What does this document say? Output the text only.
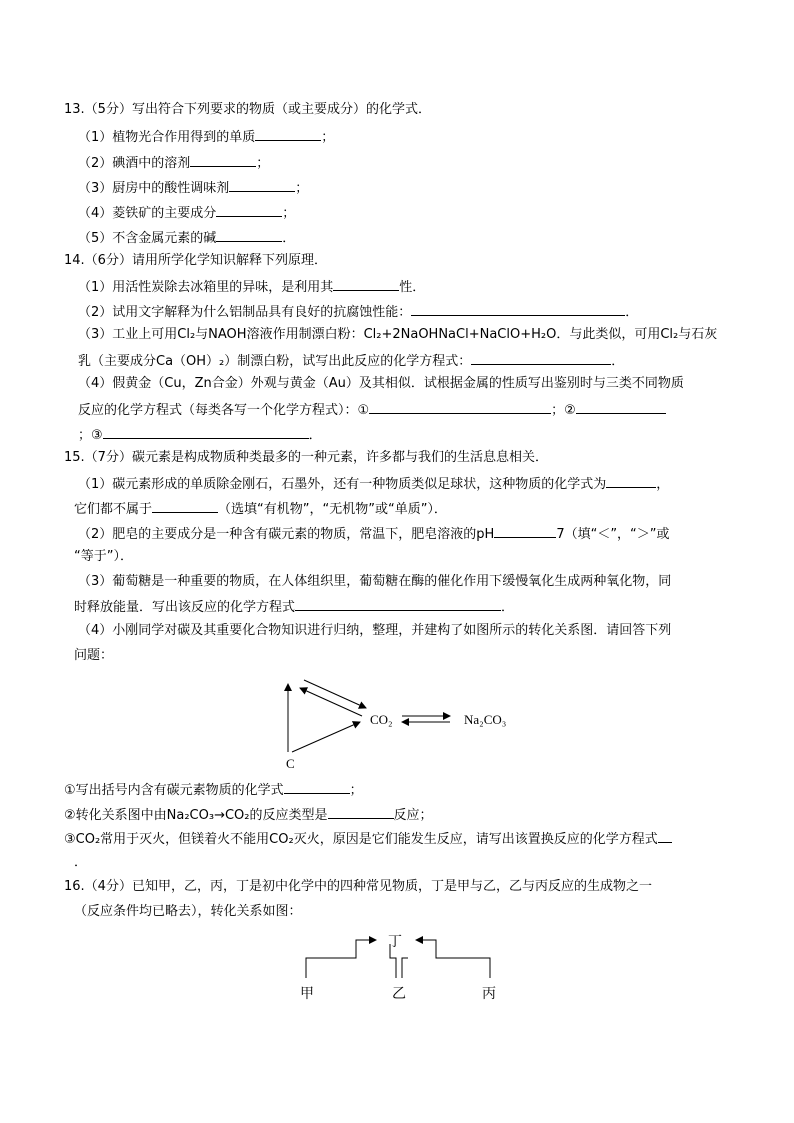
13.（5分）写出符合下列要求的物质（或主要成分）的化学式．
（1）植物光合作用得到的单质	；
（2）碘酒中的溶剂	；
（3）厨房中的酸性调味剂	；
（4）菱铁矿的主要成分	；
（5）不含金属元素的碱	．
14.（6分）请用所学化学知识解释下列原理．
（1）用活性炭除去冰箱里的异味，是利用其	性．
（2）试用文字解释为什么铝制品具有良好的抗腐蚀性能：	．
（3）工业上可用Cl₂与NAOH溶液作用制漂白粉：Cl₂+2NaOHNaCl+NaClO+H₂O．与此类似，可用Cl₂与石灰
乳（主要成分Ca（OH）₂）制漂白粉，试写出此反应的化学方程式：	．
（4）假黄金（Cu，Zn合金）外观与黄金（Au）及其相似．试根据金属的性质写出鉴别时与三类不同物质
反应的化学方程式（每类各写一个化学方程式）：①	；②
；③	．
15.（7分）碳元素是构成物质种类最多的一种元素，许多都与我们的生活息息相关．
（1）碳元素形成的单质除金刚石，石墨外，还有一种物质类似足球状，这种物质的化学式为	，
它们都不属于	（选填“有机物”，“无机物”或“单质”）．
（2）肥皂的主要成分是一种含有碳元素的物质，常温下，肥皂溶液的pH	7（填“＜”，“＞”或
“等于”）．
（3）葡萄糖是一种重要的物质，在人体组织里，葡萄糖在酶的催化作用下缓慢氧化生成两种氧化物，同
时释放能量．写出该反应的化学方程式	．
（4）小刚同学对碳及其重要化合物知识进行归纳，整理，并建构了如图所示的转化关系图．请回答下列
问题：
CO₂	Na₂CO₃
C
①写出括号内含有碳元素物质的化学式	；
②转化关系图中由Na₂CO₃→CO₂的反应类型是	反应；
③CO₂常用于灭火，但镁着火不能用CO₂灭火，原因是它们能发生反应，请写出该置换反应的化学方程式
．
16.（4分）已知甲，乙，丙，丁是初中化学中的四种常见物质，丁是甲与乙，乙与丙反应的生成物之一
（反应条件均已略去），转化关系如图：
丁
甲	乙	丙
